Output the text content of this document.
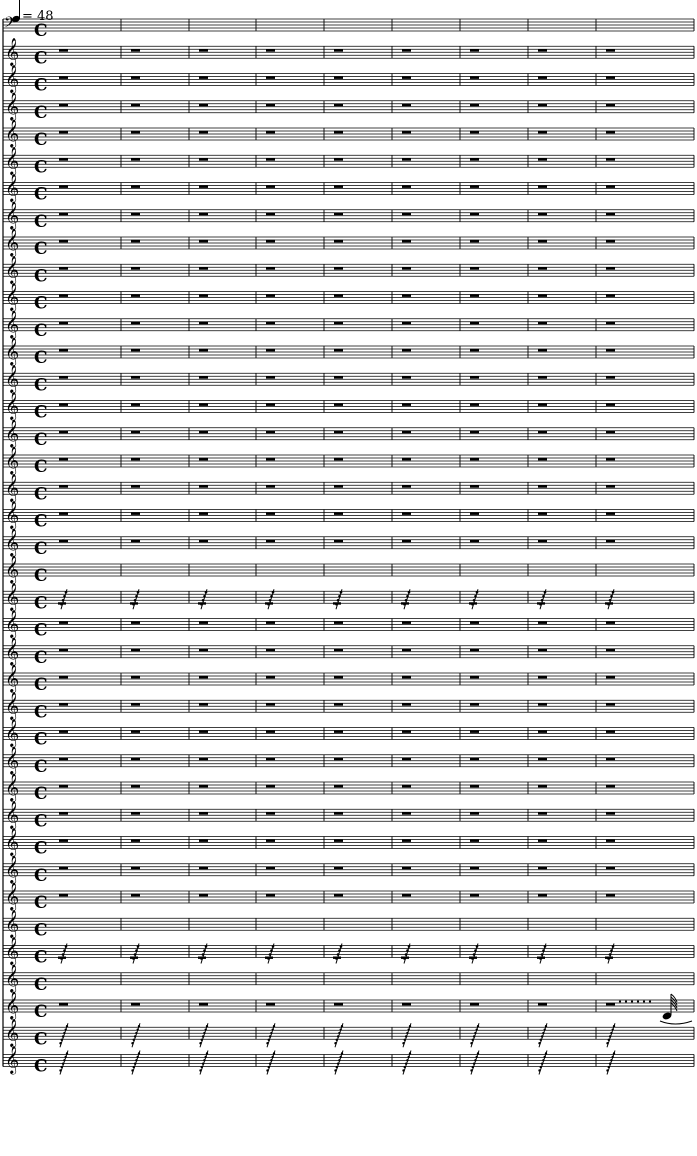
= 48
𝄢 C
𝄞 C
𝄞 C
𝄞 C
𝄞 C
𝄞 C
𝄞 C
𝄞 C
𝄞 C
𝄞 C
𝄞 C
𝄞 C
𝄞 C
𝄞 C
𝄞 C
𝄞 C
𝄞 C
𝄞 C
𝄞 C
𝄞 C
𝄞 C
𝄞 C
𝄞 C
𝄞 C
𝄞 C
𝄞 C
𝄞 C
𝄞 C
𝄞 C
𝄞 C
𝄞 C
𝄞 C
𝄞 C
𝄞 C
𝄞 C
𝄞 C
𝄞 C
𝄞 C
𝄞 C
